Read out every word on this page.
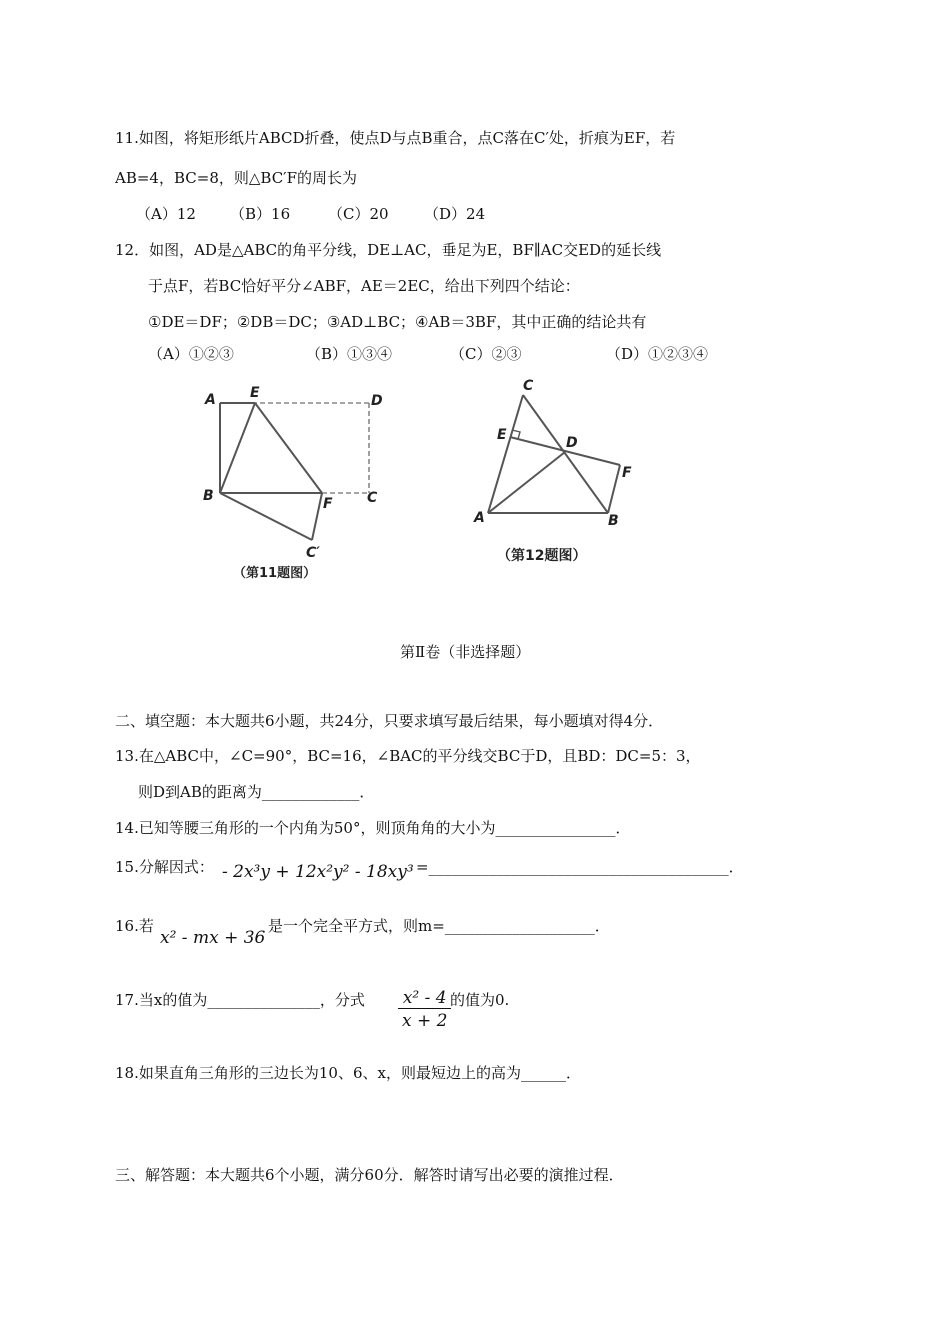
11.如图，将矩形纸片ABCD折叠，使点D与点B重合，点C落在C′处，折痕为EF，若
AB=4，BC=8，则△BC′F的周长为
（A）12 （B）16	（C）20 （D）24
12．如图，AD是△ABC的角平分线，DE⊥AC，垂足为E，BF∥AC交ED的延长线
于点F，若BC恰好平分∠ABF，AE＝2EC，给出下列四个结论：
①DE＝DF；②DB＝DC；③AD⊥BC；④AB＝3BF，其中正确的结论共有
（A）①②③	（B）①③④	（C）②③	（D）①②③④
A E	D
B	F C
C′
（第11题图）
C
E	D
F
A	B
（第12题图）
第Ⅱ卷（非选择题）
二、填空题：本大题共6小题，共24分，只要求填写最后结果，每小题填对得4分．
13.在△ABC中，∠C=90°，BC=16，∠BAC的平分线交BC于D，且BD：DC=5：3，
则D到AB的距离为_____________．
14.已知等腰三角形的一个内角为50°，则顶角角的大小为________________．
15.分解因式： - 2x³y + 12x²y² - 18xy³ =________________________________________．
16.若
x² - mx + 36
是一个完全平方式，则m=____________________．
17.当x的值为_______________，分式 $\frac{\text{x² - 4}}{x + 2}$
的值为0.
18.如果直角三角形的三边长为10、6、x，则最短边上的高为______．
三、解答题：本大题共6个小题，满分60分．解答时请写出必要的演推过程．
